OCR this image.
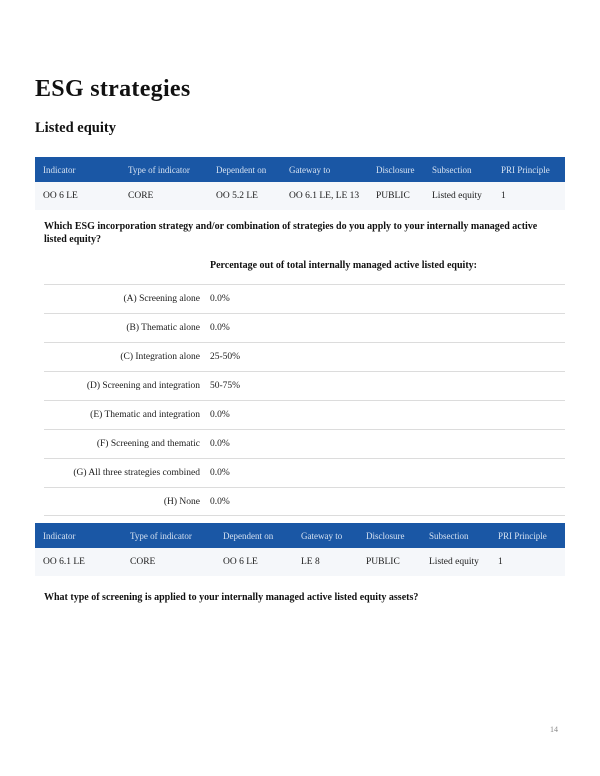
ESG strategies
Listed equity
Indicator	Type of indicator	Dependent on	Gateway to	Disclosure	Subsection	PRI Principle
OO 6 LE	CORE	OO 5.2 LE	OO 6.1 LE, LE 13	PUBLIC	Listed equity	1
Which ESG incorporation strategy and/or combination of strategies do you apply to your internally managed active listed equity?
Percentage out of total internally managed active listed equity:
(A) Screening alone 0.0%
(B) Thematic alone 0.0%
(C) Integration alone 25-50%
(D) Screening and integration 50-75%
(E) Thematic and integration 0.0%
(F) Screening and thematic 0.0%
(G) All three strategies combined 0.0%
(H) None 0.0%
Indicator	Type of indicator	Dependent on	Gateway to	Disclosure	Subsection	PRI Principle
OO 6.1 LE	CORE	OO 6 LE	LE 8	PUBLIC	Listed equity	1
What type of screening is applied to your internally managed active listed equity assets?
14
